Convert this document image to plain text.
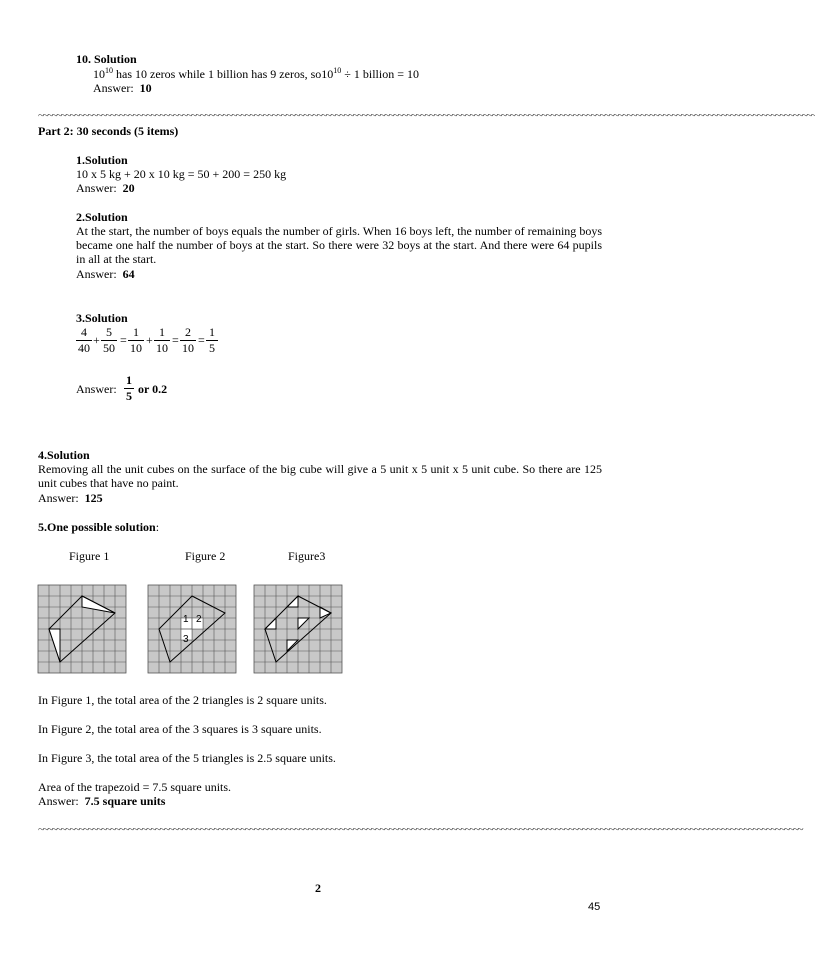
10. Solution
$10^{10}$ has 10 zeros while 1 billion has 9 zeros, $so10^{10} \div 1$ billion = 10
Answer: 10
~~~~~~~~~~~~~~~~~~~~~~~~~~~~~~~~~~~~~~~~~~~~~~~~~~~~~~~~~~~~~~~~~~~~~~~~~~~~~~~~~~~~~~~~~~~~~~~~~~~~~~~~~~~~~~~~~~~~~~~~~~~~~~~~~~~~~~~~~~~~~~~~~~~~~~~~~~~~~~~~~~~~~~~~~~~~~
Part 2: 30 seconds (5 items)
1.Solution
10 x 5 kg + 20 x 10 kg = 50 + 200 = 250 kg
Answer: 20
2.Solution
At the start, the number of boys equals the number of girls. When 16 boys left, the number of remaining boys became one half the number of boys at the start. So there were 32 boys at the start. And there were 64 pupils in all at the start.
Answer: 64
3.Solution
4
40
+
5
50
=
1
10
+
1
10
=
2
10
=
1
5
Answer:
1
5 or 0.2
4.Solution
Removing all the unit cubes on the surface of the big cube will give a 5 unit x 5 unit x 5 unit cube. So there are 125 unit cubes that have no paint.
Answer: 125
5.One possible solution:
Figure 1	Figure 2	Figure3
1 2
3
In Figure 1, the total area of the 2 triangles is 2 square units.
In Figure 2, the total area of the 3 squares is 3 square units.
In Figure 3, the total area of the 5 triangles is 2.5 square units.
Area of the trapezoid = 7.5 square units.
Answer: 7.5 square units
~~~~~~~~~~~~~~~~~~~~~~~~~~~~~~~~~~~~~~~~~~~~~~~~~~~~~~~~~~~~~~~~~~~~~~~~~~~~~~~~~~~~~~~~~~~~~~~~~~~~~~~~~~~~~~~~~~~~~~~~~~~~~~~~~~~~~~~~~~~~~~~~~~~~~~~~~~~~~~~~~~~~~~~~~~
2
45
